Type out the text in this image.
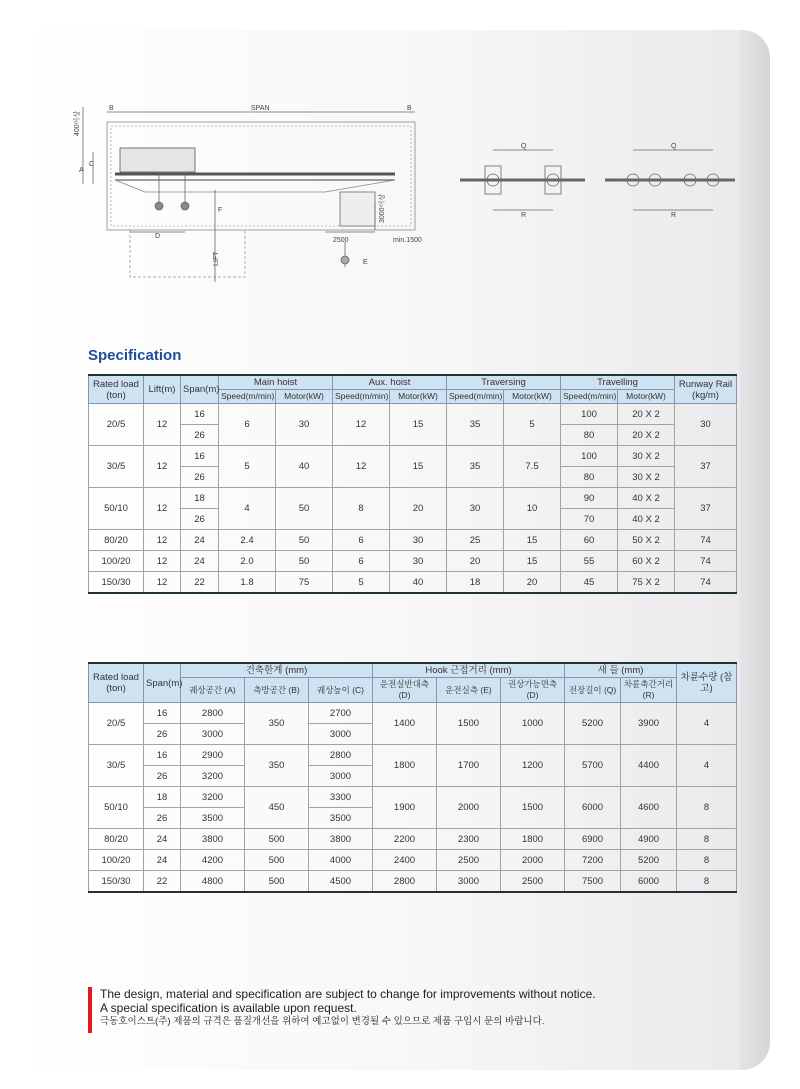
SPAN
B	B
400이상
A
C
F
D
E
LIFT
3000이상
2500	min.1500
Q
R
Q
R
Specification
Rated load (ton)	Lift(m)	Span(m)	Main hoist		Aux. hoist		Traversing		Travelling		Runway Rail (kg/m)
			Speed(m/min)	Motor(kW)	Speed(m/min)	Motor(kW)	Speed(m/min)	Motor(kW)	Speed(m/min)	Motor(kW)	
20/5	12	16	6	30	12	15	35	5	100	20 X 2	30
		26							80	20 X 2	
30/5	12	16	5	40	12	15	35	7.5	100	30 X 2	37
		26							80	30 X 2	
50/10	12	18	4	50	8	20	30	10	90	40 X 2	37
		26							70	40 X 2	
80/20	12	24	2.4	50	6	30	25	15	60	50 X 2	74
100/20	12	24	2.0	50	6	30	20	15	55	60 X 2	74
150/30	12	22	1.8	75	5	40	18	20	45	75 X 2	74
Rated load (ton)	Span(m)	건축한계 (mm)			Hook 근접거리 (mm)			새 들 (mm)		차륜수량 (참고)
		궤상공간 (A)	측방공간 (B)	궤상높이 (C)	운전실반대측 (D)	운전실측 (E)	권상가능면측 (D)	전장길이 (Q)	차륜축간거리 (R)	
20/5	16	2800	350	2700	1400	1500	1000	5200	3900	4
	26	3000		3000						
30/5	16	2900	350	2800	1800	1700	1200	5700	4400	4
	26	3200		3000						
50/10	18	3200	450	3300	1900	2000	1500	6000	4600	8
	26	3500		3500						
80/20	24	3800	500	3800	2200	2300	1800	6900	4900	8
100/20	24	4200	500	4000	2400	2500	2000	7200	5200	8
150/30	22	4800	500	4500	2800	3000	2500	7500	6000	8
The design, material and specification are subject to change for improvements without notice.
A special specification is available upon request.
극동호이스트(주) 제품의 규격은 품질개선을 위하여 예고없이 변경될 수 있으므로 제품 구입시 문의 바랍니다.
